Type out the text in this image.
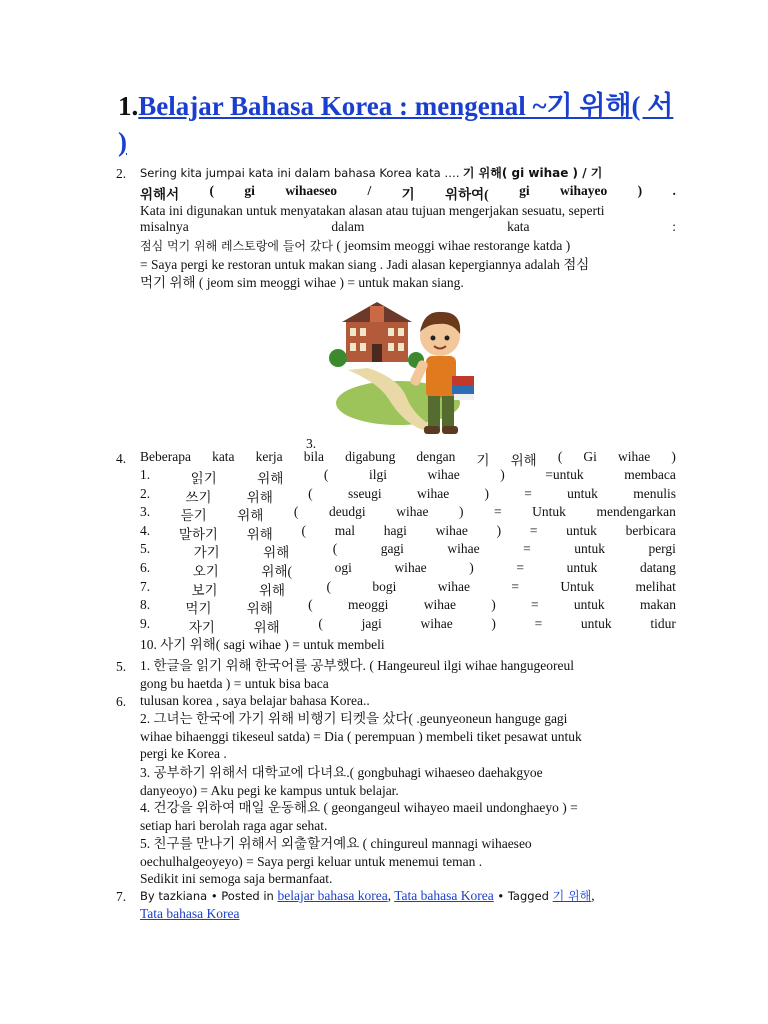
1.Belajar Bahasa Korea : mengenal ~기 위해( 서 )
2. Sering kita jumpai kata ini dalam bahasa Korea kata …. 기 위해( gi wihae ) / 기
위해서 ( gi wihaeseo / 기 위하여( gi wihayeo ) .
Kata ini digunakan untuk menyatakan alasan atau tujuan mengerjakan sesuatu, seperti
misalnya	dalam	kata	:
점심 먹기 위해 레스토랑에 들어 갔다 ( jeomsim meoggi wihae restorange katda )
= Saya pergi ke restoran untuk makan siang . Jadi alasan kepergiannya adalah 점심
먹기 위해 ( jeom sim meoggi wihae ) = untuk makan siang.
3.
4. Beberapa kata kerja bila digabung dengan 기 위해 ( Gi wihae )
1.	읽기	위해	(	ilgi	wihae	)	=untuk	membaca
2.	쓰기	위해	(	sseugi	wihae	)	=	untuk	menulis
3. 듣기 위해 ( deudgi wihae ) = Untuk mendengarkan
4. 말하기 위해 ( mal hagi wihae ) = untuk berbicara
5.	가기	위해	(	gagi	wihae	=	untuk	pergi
6.	오기	위해(	ogi	wihae	)	=	untuk	datang
7.	보기	위해	(	bogi	wihae	=	Untuk	melihat
8.	먹기	위해	(	meoggi	wihae	)	=	untuk	makan
9.	자기	위해	(	jagi	wihae	)	=	untuk	tidur
10. 사기 위해( sagi wihae ) = untuk membeli
5. 1. 한글을 읽기 위해 한국어를 공부했다. ( Hangeureul ilgi wihae hangugeoreul
gong bu haetda ) = untuk bisa baca
6. tulusan korea , saya belajar bahasa Korea..
2. 그녀는 한국에 가기 위해 비행기 티켓을 샀다( .geunyeoneun hanguge gagi
wihae bihaenggi tikeseul satda) = Dia ( perempuan ) membeli tiket pesawat untuk
pergi ke Korea .
3. 공부하기 위해서 대학교에 다녀요.( gongbuhagi wihaeseo daehakgyoe
danyeoyo) = Aku pegi ke kampus untuk belajar.
4. 건강을 위하여 매일 운동해요 ( geongangeul wihayeo maeil undonghaeyo ) =
setiap hari berolah raga agar sehat.
5. 친구를 만나기 위해서 외출할거예요 ( chingureul mannagi wihaeseo
oechulhalgeoyeyo) = Saya pergi keluar untuk menemui teman .
Sedikit ini semoga saja bermanfaat.
7. By tazkiana • Posted in belajar bahasa korea, Tata bahasa Korea • Tagged 기 위해,
Tata bahasa Korea
